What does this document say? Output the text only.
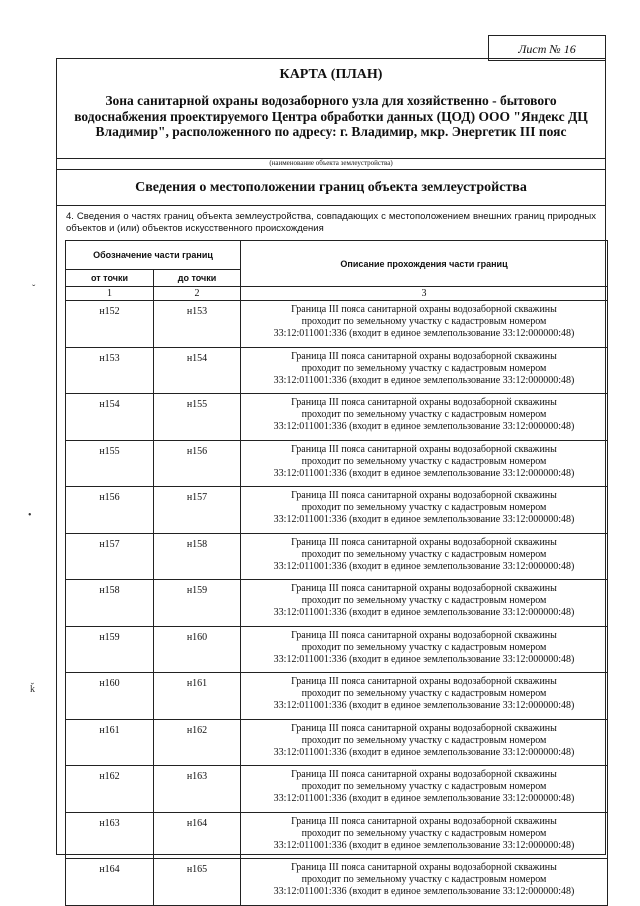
Лист № 16
КАРТА (ПЛАН)
Зона санитарной охраны водозаборного узла для хозяйственно - бытового водоснабжения проектируемого Центра обработки данных (ЦОД) ООО "Яндекс ДЦ Владимир", расположенного по адресу: г. Владимир, мкр. Энергетик III пояс
(наименование объекта землеустройства)
Сведения о местоположении границ объекта землеустройства
4. Сведения о частях границ объекта землеустройства, совпадающих с местоположением внешних границ природных объектов и (или) объектов искусственного происхождения
Обозначение части границ		Описание прохождения части границ
от точки	до точки	
1	2	3
н152	н153	Граница III пояса санитарной охраны водозаборной скважины
проходит по земельному участку с кадастровым номером
33:12:011001:336 (входит в единое землепользование 33:12:000000:48)

н153	н154	Граница III пояса санитарной охраны водозаборной скважины
проходит по земельному участку с кадастровым номером
33:12:011001:336 (входит в единое землепользование 33:12:000000:48)

н154	н155	Граница III пояса санитарной охраны водозаборной скважины
проходит по земельному участку с кадастровым номером
33:12:011001:336 (входит в единое землепользование 33:12:000000:48)

н155	н156	Граница III пояса санитарной охраны водозаборной скважины
проходит по земельному участку с кадастровым номером
33:12:011001:336 (входит в единое землепользование 33:12:000000:48)

н156	н157	Граница III пояса санитарной охраны водозаборной скважины
проходит по земельному участку с кадастровым номером
33:12:011001:336 (входит в единое землепользование 33:12:000000:48)

н157	н158	Граница III пояса санитарной охраны водозаборной скважины
проходит по земельному участку с кадастровым номером
33:12:011001:336 (входит в единое землепользование 33:12:000000:48)

н158	н159	Граница III пояса санитарной охраны водозаборной скважины
проходит по земельному участку с кадастровым номером
33:12:011001:336 (входит в единое землепользование 33:12:000000:48)

н159	н160	Граница III пояса санитарной охраны водозаборной скважины
проходит по земельному участку с кадастровым номером
33:12:011001:336 (входит в единое землепользование 33:12:000000:48)

н160	н161	Граница III пояса санитарной охраны водозаборной скважины
проходит по земельному участку с кадастровым номером
33:12:011001:336 (входит в единое землепользование 33:12:000000:48)

н161	н162	Граница III пояса санитарной охраны водозаборной скважины
проходит по земельному участку с кадастровым номером
33:12:011001:336 (входит в единое землепользование 33:12:000000:48)

н162	н163	Граница III пояса санитарной охраны водозаборной скважины
проходит по земельному участку с кадастровым номером
33:12:011001:336 (входит в единое землепользование 33:12:000000:48)

н163	н164	Граница III пояса санитарной охраны водозаборной скважины
проходит по земельному участку с кадастровым номером
33:12:011001:336 (входит в единое землепользование 33:12:000000:48)

н164	н165	Граница III пояса санитарной охраны водозаборной скважины
проходит по земельному участку с кадастровым номером
33:12:011001:336 (входит в единое землепользование 33:12:000000:48)
ˇ
•
ǩ
